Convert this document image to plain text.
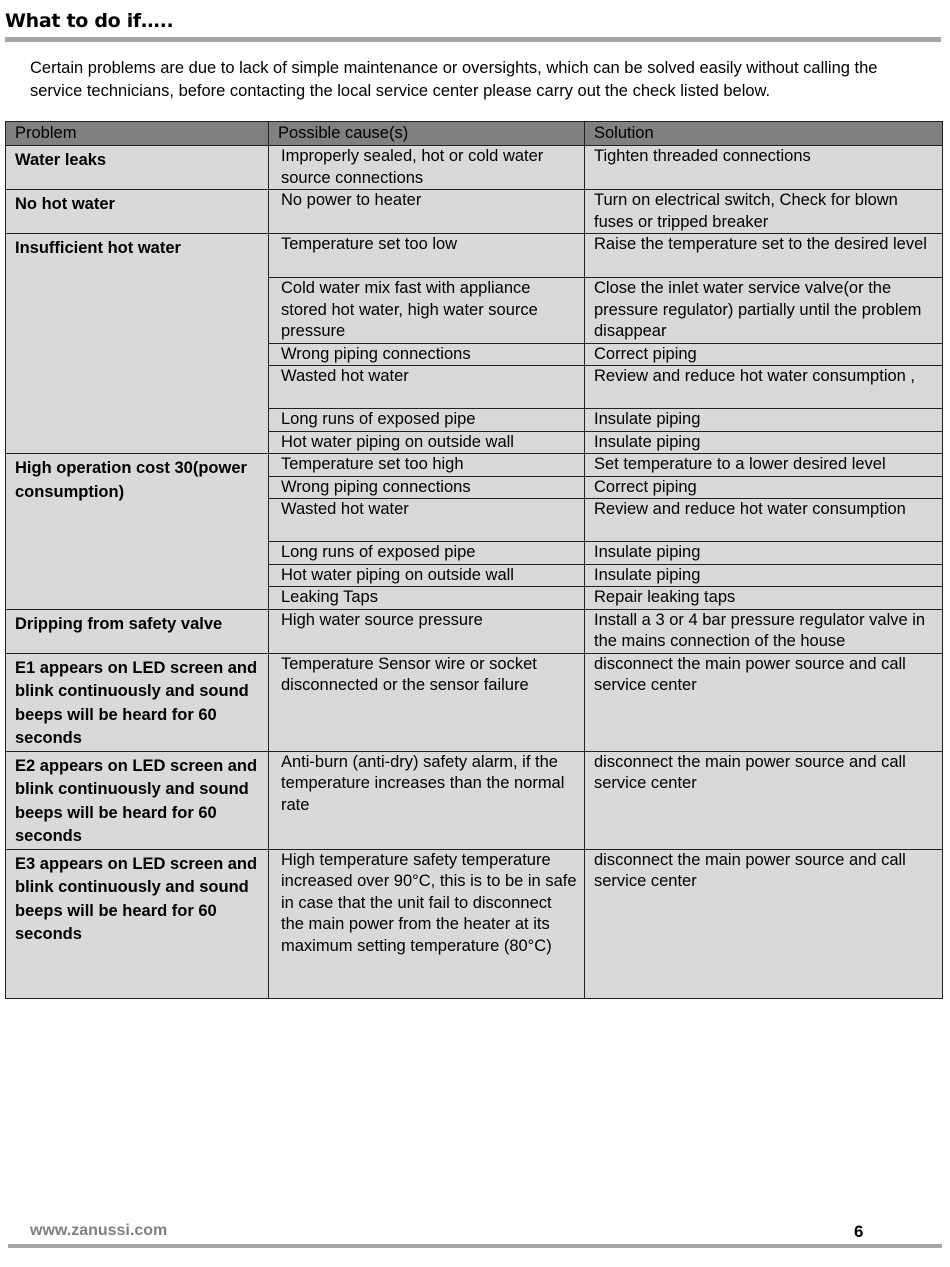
What to do if…..

Certain problems are due to lack of simple maintenance or oversights, which can be solved easily without calling the service technicians, before contacting the local service center please carry out the check listed below.

Problem	Possible cause(s)	Solution
Water leaks	Improperly sealed, hot or cold water source connections	Tighten threaded connections
No hot water	No power to heater	Turn on electrical switch, Check for blown fuses or tripped breaker
Insufficient hot water	Temperature set too low	Raise the temperature set to the desired level
	Cold water mix fast with appliance stored hot water, high water source pressure	Close the inlet water service valve(or the pressure regulator) partially until the problem disappear
	Wrong piping connections	Correct piping
	Wasted hot water	Review and reduce hot water consumption ,
	Long runs of exposed pipe	Insulate piping
	Hot water piping on outside wall	Insulate piping
High operation cost 30(power consumption)	Temperature set too high	Set temperature to a lower desired level
	Wrong piping connections	Correct piping
	Wasted hot water	Review and reduce hot water consumption
	Long runs of exposed pipe	Insulate piping
	Hot water piping on outside wall	Insulate piping
	Leaking Taps	Repair leaking taps
Dripping from safety valve	High water source pressure	Install a 3 or 4 bar pressure regulator valve in the mains connection of the house
E1 appears on LED screen and blink continuously and sound beeps will be heard for 60 seconds	Temperature Sensor wire or socket disconnected or the sensor failure	disconnect the main power source and call service center
E2 appears on LED screen and blink continuously and sound beeps will be heard for 60 seconds	Anti-burn (anti-dry) safety alarm, if the temperature increases than the normal rate	disconnect the main power source and call service center
E3 appears on LED screen and blink continuously and sound beeps will be heard for 60 seconds	High temperature safety temperature increased over 90°C, this is to be in safe in case that the unit fail to disconnect the main power from the heater at its maximum setting temperature (80°C)	disconnect the main power source and call service center
www.zanussi.com	6
